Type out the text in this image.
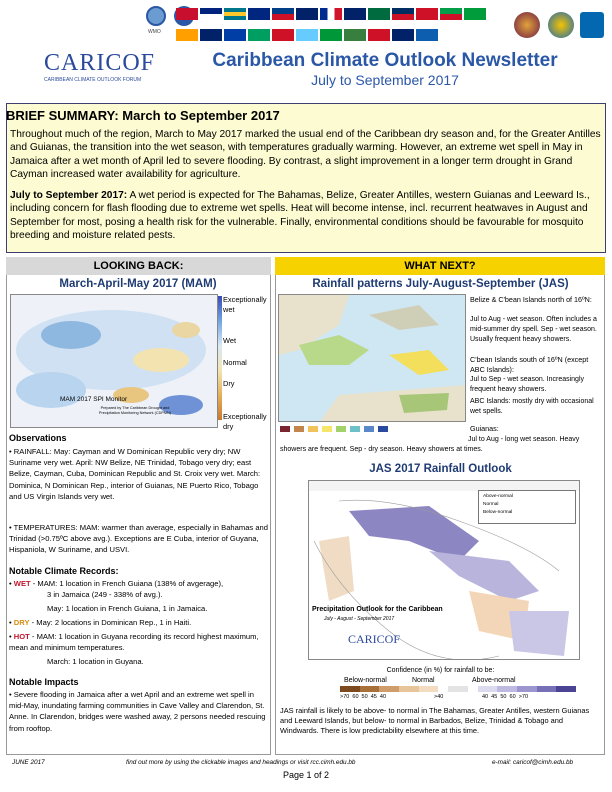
WMO
CARICOF
CARIBBEAN CLIMATE OUTLOOK FORUM
Caribbean Climate Outlook Newsletter
July to September 2017
BRIEF SUMMARY: March to September 2017
Throughout much of the region, March to May 2017 marked the usual end of the Caribbean dry season and, for the Greater Antilles and Guianas, the transition into the wet season, with temperatures gradually warming. However, an extreme wet spell in May in Jamaica after a wet month of April led to severe flooding. By contrast, a slight improvement in a longer term drought in Grand Cayman increased water availability for agriculture.
July to September 2017: A wet period is expected for The Bahamas, Belize, Greater Antilles, western Guianas and Leeward Is., including concern for flash flooding due to extreme wet spells. Heat will become intense, incl. recurrent heatwaves in August and September for most, posing a health risk for the vulnerable. Finally, environmental conditions should be favourable for mosquito breeding and moisture related pests.
LOOKING BACK:	WHAT NEXT?
March-April-May 2017 (MAM)
Exceptionally wet
Wet
Normal
Dry
Exceptionally dry
MAM 2017 SPI Monitor
Prepared by The Caribbean Drought and Precipitation Monitoring Network (CDPMN)
Observations
• RAINFALL: May: Cayman and W Dominican Republic very dry; NW Suriname very wet. April: NW Belize, NE Trinidad, Tobago very dry; east Belize, Cayman, Cuba, Dominican Republic and St. Croix very wet. March: Dominica, N Dominican Rep., interior of Guianas, NE Puerto Rico, Tobago and US Virgin Islands very wet.
• TEMPERATURES: MAM: warmer than average, especially in Bahamas and Trinidad (>0.75ºC above avg.). Exceptions are E Cuba, interior of Guyana, Hispaniola, W Suriname, and USVI.
Notable Climate Records:
• WET - MAM: 1 location in French Guiana (138% of avgerage),
3 in Jamaica (249 - 338% of avg.).
May: 1 location in French Guiana, 1 in Jamaica.
• DRY - May: 2 locations in Dominican Rep., 1 in Haiti.
• HOT - MAM: 1 location in Guyana recording its record highest maximum, mean and minimum temperatures.
March: 1 location in Guyana.
Notable Impacts
• Severe flooding in Jamaica after a wet April and an extreme wet spell in mid-May, inundating farming communities in Cave Valley and Clarendon, St. Anne. In Clarendon, bridges were washed away, 2 persons needed rescuing from rooftop.
Rainfall patterns July-August-September (JAS)
Belize & C'bean Islands north of 16ºN:
Jul to Aug - wet season. Often includes a mid-summer dry spell. Sep - wet season. Usually frequent heavy showers.
C'bean Islands south of 16ºN (except ABC Islands):
Jul to Sep - wet season. Increasingly frequent heavy showers.
ABC Islands: mostly dry with occasional wet spells.
Guianas:
Jul to Aug - long wet season. Heavy showers are frequent. Sep - dry season. Heavy showers at times.
JAS 2017 Rainfall Outlook
Above-normal
Normal
Below-normal
Precipitation Outlook for the Caribbean
July - August - September 2017
CARICOF
Confidence (in %) for rainfall to be:
Below-normal	Normal	Above-normal
>70  60  50  45  40	>40	40  45  50  60  >70
JAS rainfall is likely to be above- to normal in The Bahamas, Greater Antilles, western Guianas and Leeward Islands, but below- to normal in Barbados, Belize, Trinidad & Tobago and Windwards. There is low predictability elsewhere at this time.
JUNE 2017	find out more by using the clickable images and headings or visit rcc.cimh.edu.bb	e-mail: caricof@cimh.edu.bb
Page 1 of 2
